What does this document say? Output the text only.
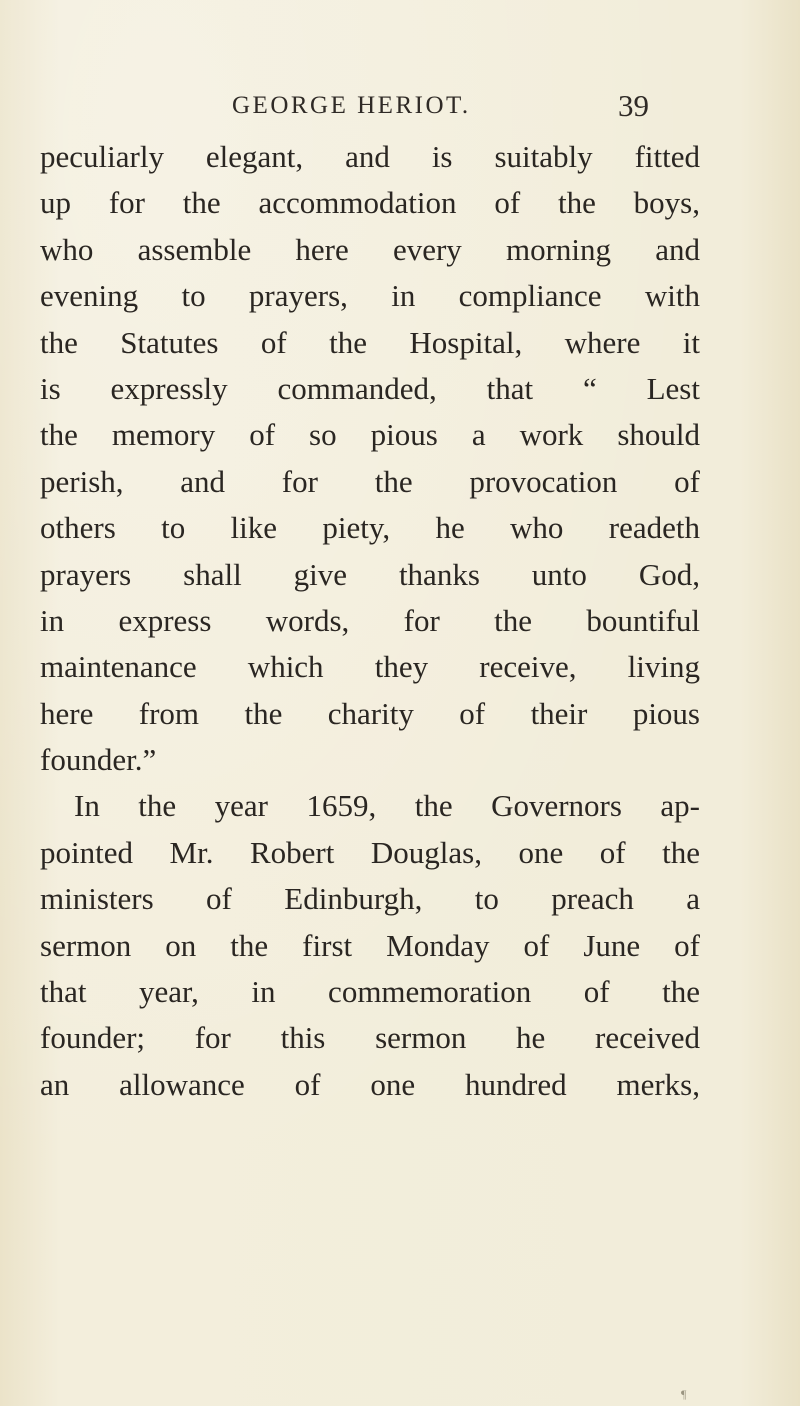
GEORGE HERIOT.	39
peculiarly elegant, and is suitably fitted
up for the accommodation of the boys,
who assemble here every morning and
evening to prayers, in compliance with
the Statutes of the Hospital, where it
is expressly commanded, that “ Lest
the memory of so pious a work should
perish, and for the provocation of
others to like piety, he who readeth
prayers shall give thanks unto God,
in express words, for the bountiful
maintenance which they receive, living
here from the charity of their pious
founder.”
In the year 1659, the Governors ap-
pointed Mr. Robert Douglas, one of the
ministers of Edinburgh, to preach a
sermon on the first Monday of June of
that year, in commemoration of the
founder; for this sermon he received
an allowance of one hundred merks,
¶
